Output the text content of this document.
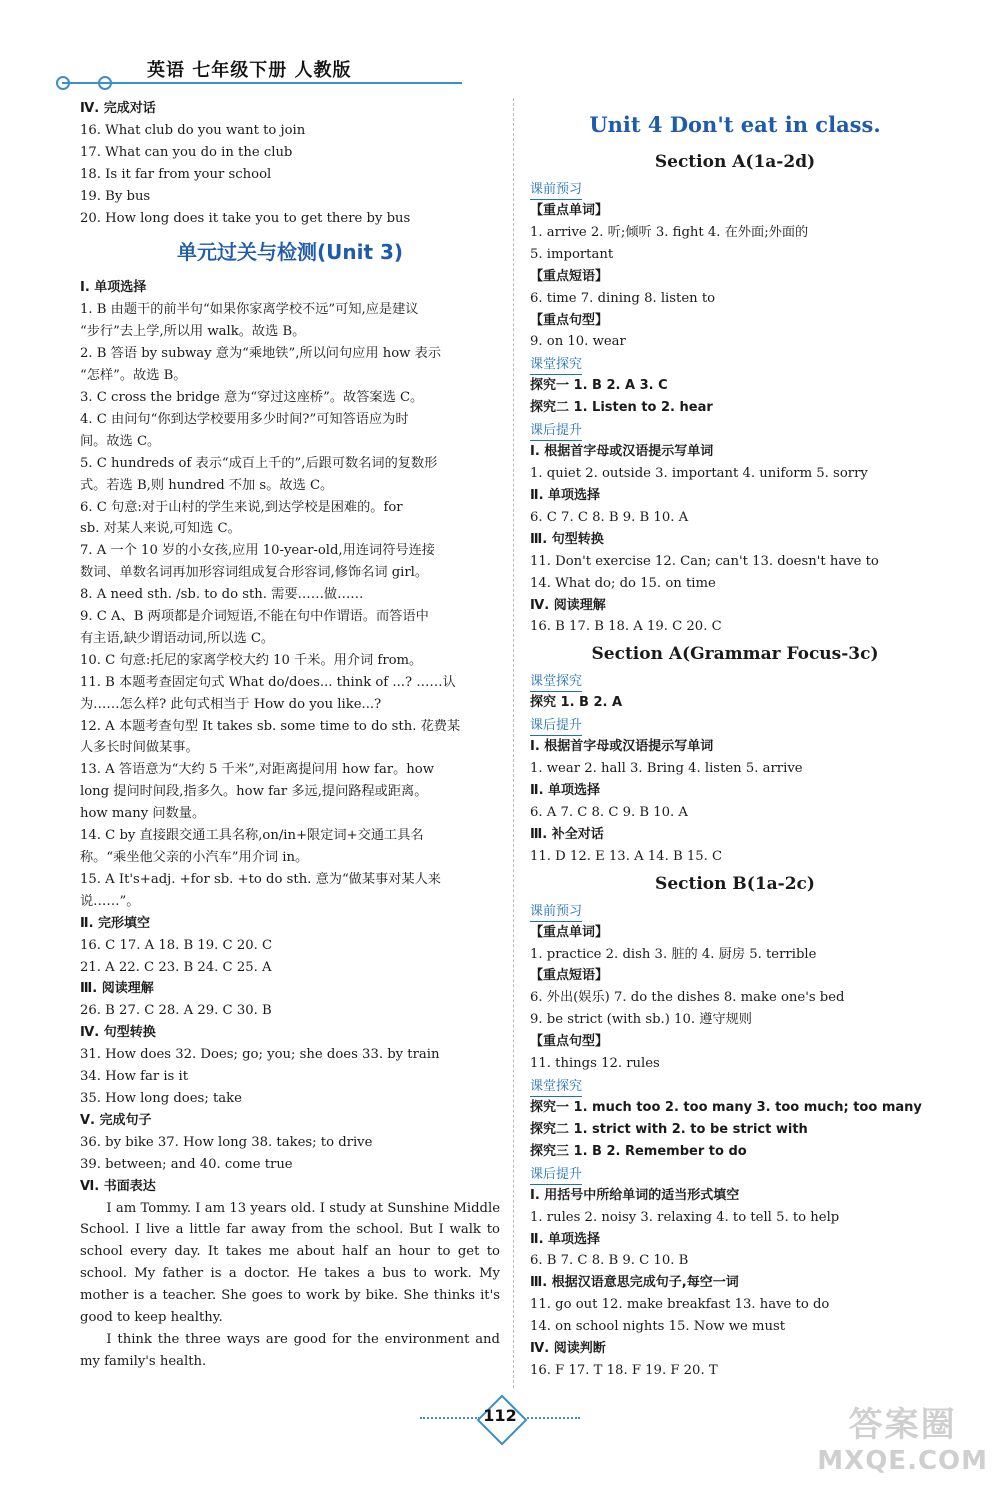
英语 七年级下册 人教版
Ⅳ. 完成对话
16. What club do you want to join
17. What can you do in the club
18. Is it far from your school
19. By bus
20. How long does it take you to get there by bus
单元过关与检测(Unit 3)
Ⅰ. 单项选择
1. B 由题干的前半句“如果你家离学校不远”可知,应是建议
“步行”去上学,所以用 walk。故选 B。
2. B 答语 by subway 意为“乘地铁”,所以问句应用 how 表示
“怎样”。故选 B。
3. C cross the bridge 意为“穿过这座桥”。故答案选 C。
4. C 由问句“你到达学校要用多少时间?”可知答语应为时
间。故选 C。
5. C hundreds of 表示“成百上千的”,后跟可数名词的复数形
式。若选 B,则 hundred 不加 s。故选 C。
6. C 句意:对于山村的学生来说,到达学校是困难的。for
sb. 对某人来说,可知选 C。
7. A 一个 10 岁的小女孩,应用 10-year-old,用连词符号连接
数词、单数名词再加形容词组成复合形容词,修饰名词 girl。
8. A need sth. /sb. to do sth. 需要……做……
9. C A、B 两项都是介词短语,不能在句中作谓语。而答语中
有主语,缺少谓语动词,所以选 C。
10. C 句意:托尼的家离学校大约 10 千米。用介词 from。
11. B 本题考查固定句式 What do/does... think of ...? ……认
为……怎么样? 此句式相当于 How do you like...?
12. A 本题考查句型 It takes sb. some time to do sth. 花费某
人多长时间做某事。
13. A 答语意为“大约 5 千米”,对距离提问用 how far。how
long 提问时间段,指多久。how far 多远,提问路程或距离。
how many 问数量。
14. C by 直接跟交通工具名称,on/in+限定词+交通工具名
称。“乘坐他父亲的小汽车”用介词 in。
15. A It's+adj. +for sb. +to do sth. 意为“做某事对某人来
说……”。
Ⅱ. 完形填空
16. C 17. A 18. B 19. C 20. C
21. A 22. C 23. B 24. C 25. A
Ⅲ. 阅读理解
26. B 27. C 28. A 29. C 30. B
Ⅳ. 句型转换
31. How does 32. Does; go; you; she does 33. by train
34. How far is it
35. How long does; take
Ⅴ. 完成句子
36. by bike 37. How long 38. takes; to drive
39. between; and 40. come true
Ⅵ. 书面表达
I am Tommy. I am 13 years old. I study at Sunshine Middle School. I live a little far away from the school. But I walk to school every day. It takes me about half an hour to get to school. My father is a doctor. He takes a bus to work. My mother is a teacher. She goes to work by bike. She thinks it's good to keep healthy.
I think the three ways are good for the environment and my family's health.
Unit 4 Don't eat in class.
Section A(1a-2d)
课前预习
【重点单词】
1. arrive 2. 听;倾听 3. fight 4. 在外面;外面的
5. important
【重点短语】
6. time 7. dining 8. listen to
【重点句型】
9. on 10. wear
课堂探究
探究一 1. B 2. A 3. C
探究二 1. Listen to 2. hear
课后提升
Ⅰ. 根据首字母或汉语提示写单词
1. quiet 2. outside 3. important 4. uniform 5. sorry
Ⅱ. 单项选择
6. C 7. C 8. B 9. B 10. A
Ⅲ. 句型转换
11. Don't exercise 12. Can; can't 13. doesn't have to
14. What do; do 15. on time
Ⅳ. 阅读理解
16. B 17. B 18. A 19. C 20. C
Section A(Grammar Focus-3c)
课堂探究
探究 1. B 2. A
课后提升
Ⅰ. 根据首字母或汉语提示写单词
1. wear 2. hall 3. Bring 4. listen 5. arrive
Ⅱ. 单项选择
6. A 7. C 8. C 9. B 10. A
Ⅲ. 补全对话
11. D 12. E 13. A 14. B 15. C
Section B(1a-2c)
课前预习
【重点单词】
1. practice 2. dish 3. 脏的 4. 厨房 5. terrible
【重点短语】
6. 外出(娱乐) 7. do the dishes 8. make one's bed
9. be strict (with sb.) 10. 遵守规则
【重点句型】
11. things 12. rules
课堂探究
探究一 1. much too 2. too many 3. too much; too many
探究二 1. strict with 2. to be strict with
探究三 1. B 2. Remember to do
课后提升
Ⅰ. 用括号中所给单词的适当形式填空
1. rules 2. noisy 3. relaxing 4. to tell 5. to help
Ⅱ. 单项选择
6. B 7. C 8. B 9. C 10. B
Ⅲ. 根据汉语意思完成句子,每空一词
11. go out 12. make breakfast 13. have to do
14. on school nights 15. Now we must
Ⅳ. 阅读判断
16. F 17. T 18. F 19. F 20. T
112	答案圈
MXQE.COM
